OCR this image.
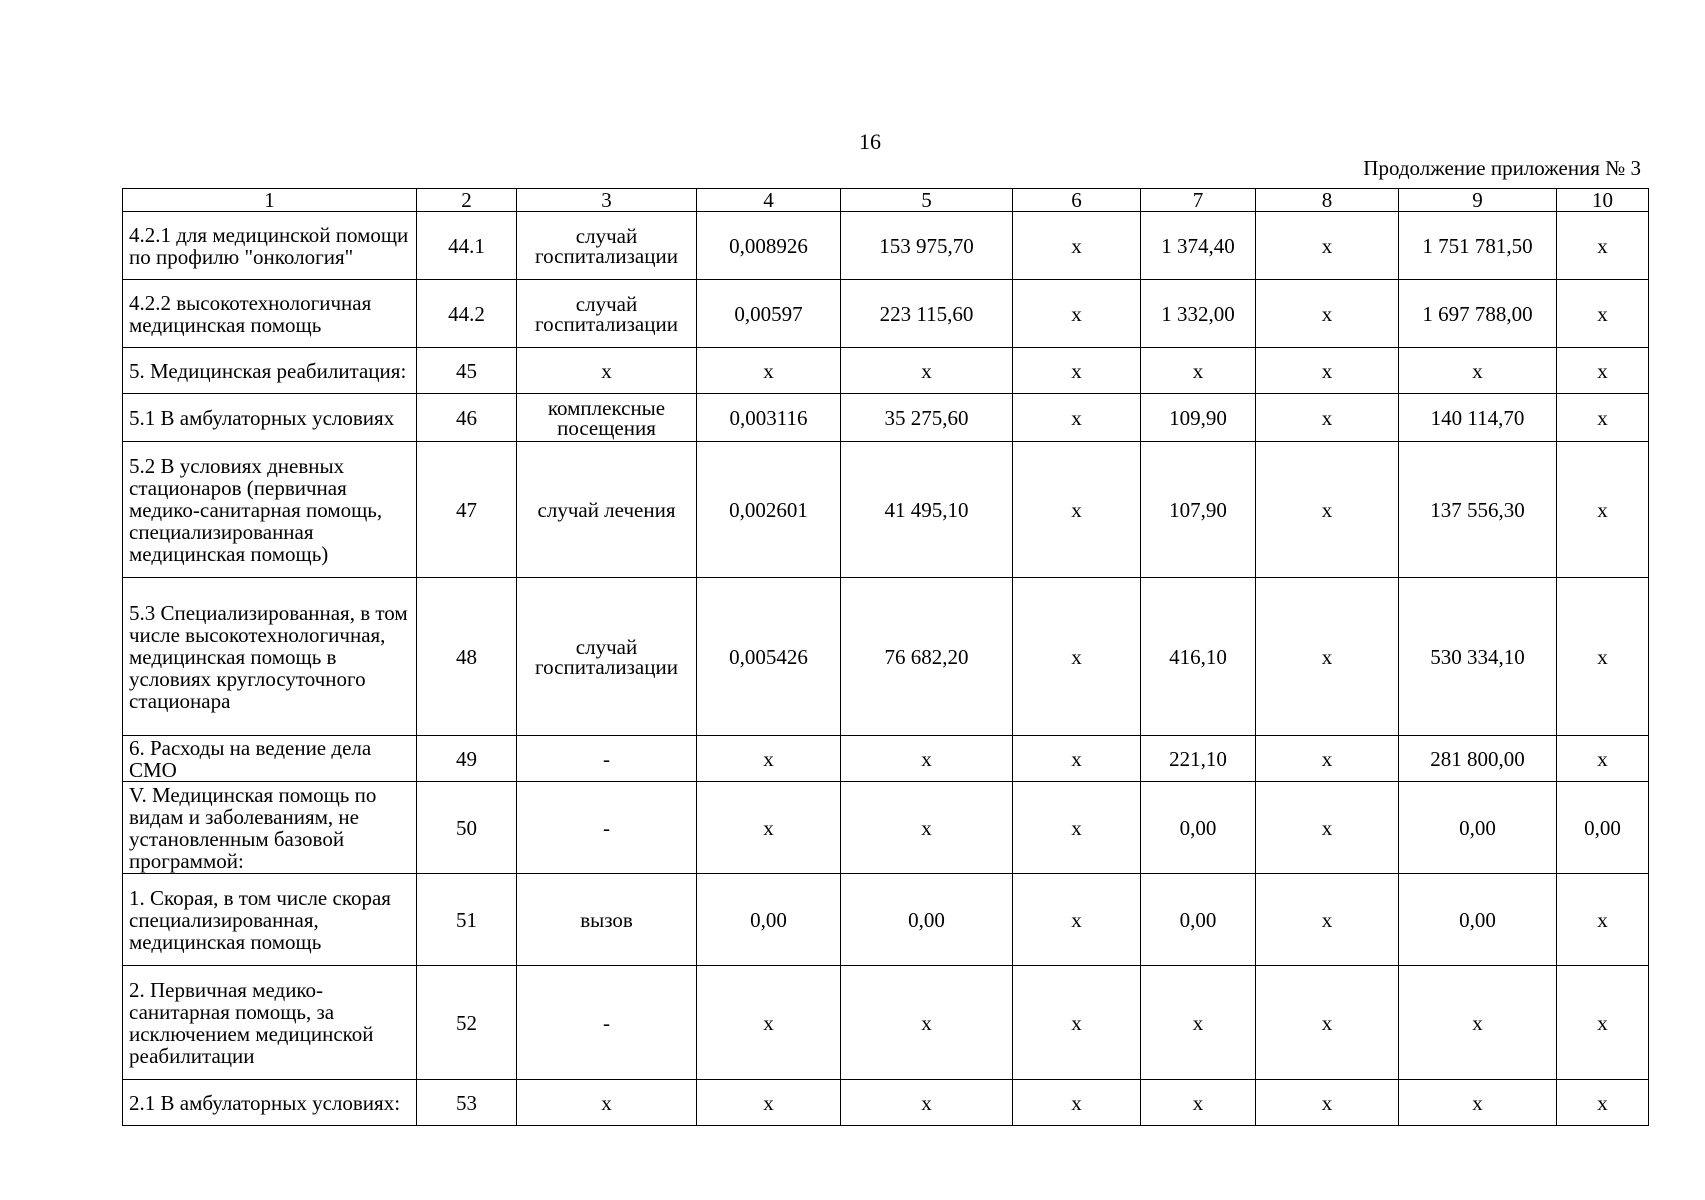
16
Продолжение приложения № 3
1	2	3	4	5	6	7	8	9	10
4.2.1 для медицинской помощи по профилю "онкология"	44.1	случай госпитализации	0,008926	153 975,70	х	1 374,40	х	1 751 781,50	х
4.2.2 высокотехнологичная медицинская помощь	44.2	случай госпитализации	0,00597	223 115,60	х	1 332,00	х	1 697 788,00	х
5. Медицинская реабилитация:	45	х	х	х	х	х	х	х	х
5.1 В амбулаторных условиях	46	комплексные посещения	0,003116	35 275,60	х	109,90	х	140 114,70	х
5.2 В условиях дневных стационаров (первичная медико-санитарная помощь, специализированная медицинская помощь)	47	случай лечения	0,002601	41 495,10	х	107,90	х	137 556,30	х
5.3 Специализированная, в том числе высокотехнологичная, медицинская помощь в условиях круглосуточного стационара	48	случай госпитализации	0,005426	76 682,20	х	416,10	х	530 334,10	х
6. Расходы на ведение дела СМО	49	-	х	х	х	221,10	х	281 800,00	х
V. Медицинская помощь по видам и заболеваниям, не установленным базовой программой:	50	-	х	х	х	0,00	х	0,00	0,00
1. Скорая, в том числе скорая специализированная, медицинская помощь	51	вызов	0,00	0,00	х	0,00	х	0,00	х
2. Первичная медико-санитарная помощь, за исключением медицинской реабилитации	52	-	х	х	х	х	х	х	х
2.1 В амбулаторных условиях:	53	х	х	х	х	х	х	х	х
